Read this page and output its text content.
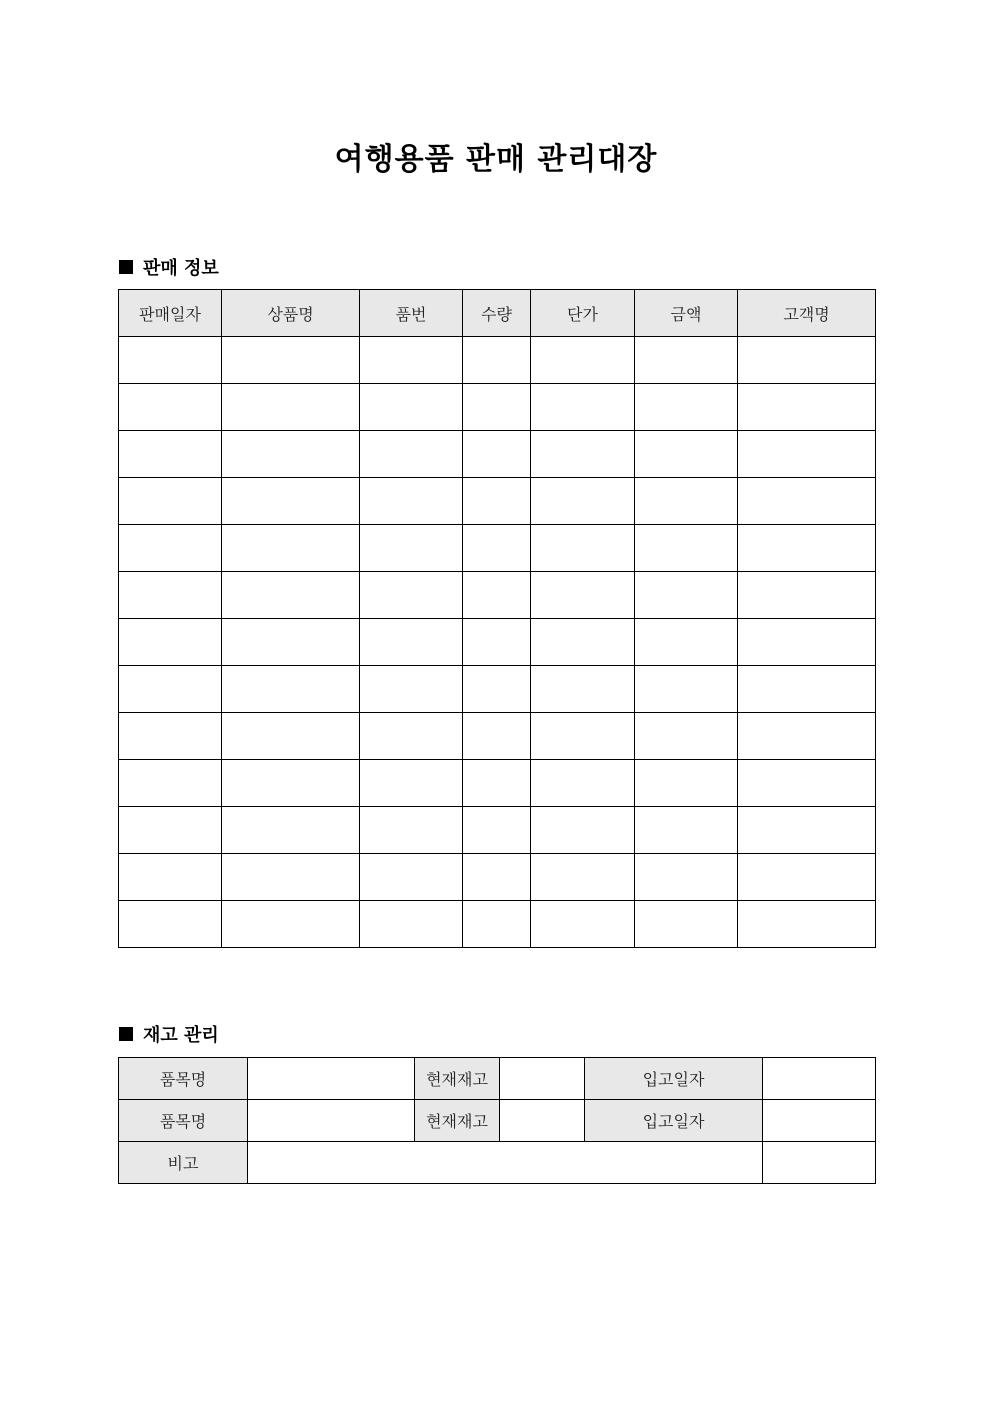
여행용품 판매 관리대장
판매 정보
판매일자	상품명	품번	수량	단가	금액	고객명

재고 관리
품목명		현재재고		입고일자	
품목명		현재재고		입고일자	
비고					
